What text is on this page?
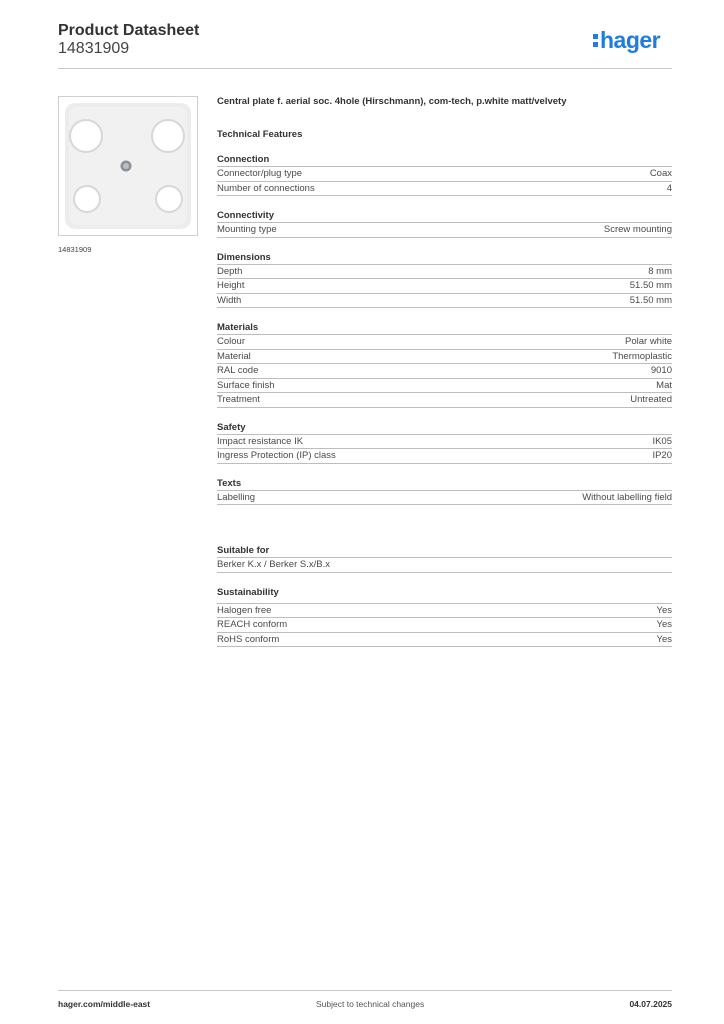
Product Datasheet
14831909	hager
14831909
Central plate f. aerial soc. 4hole (Hirschmann), com-tech, p.white matt/velvety
Technical Features
Connection
Connector/plug type	Coax
Number of connections	4
Connectivity
Mounting type	Screw mounting
Dimensions
Depth	8 mm
Height	51.50 mm
Width	51.50 mm
Materials
Colour	Polar white
Material	Thermoplastic
RAL code	9010
Surface finish	Mat
Treatment	Untreated
Safety
Impact resistance IK	IK05
Ingress Protection (IP) class	IP20
Texts
Labelling	Without labelling field
Suitable for
Berker K.x / Berker S.x/B.x
Sustainability
Halogen free	Yes
REACH conform	Yes
RoHS conform	Yes
hager.com/middle-east	Subject to technical changes	04.07.2025
